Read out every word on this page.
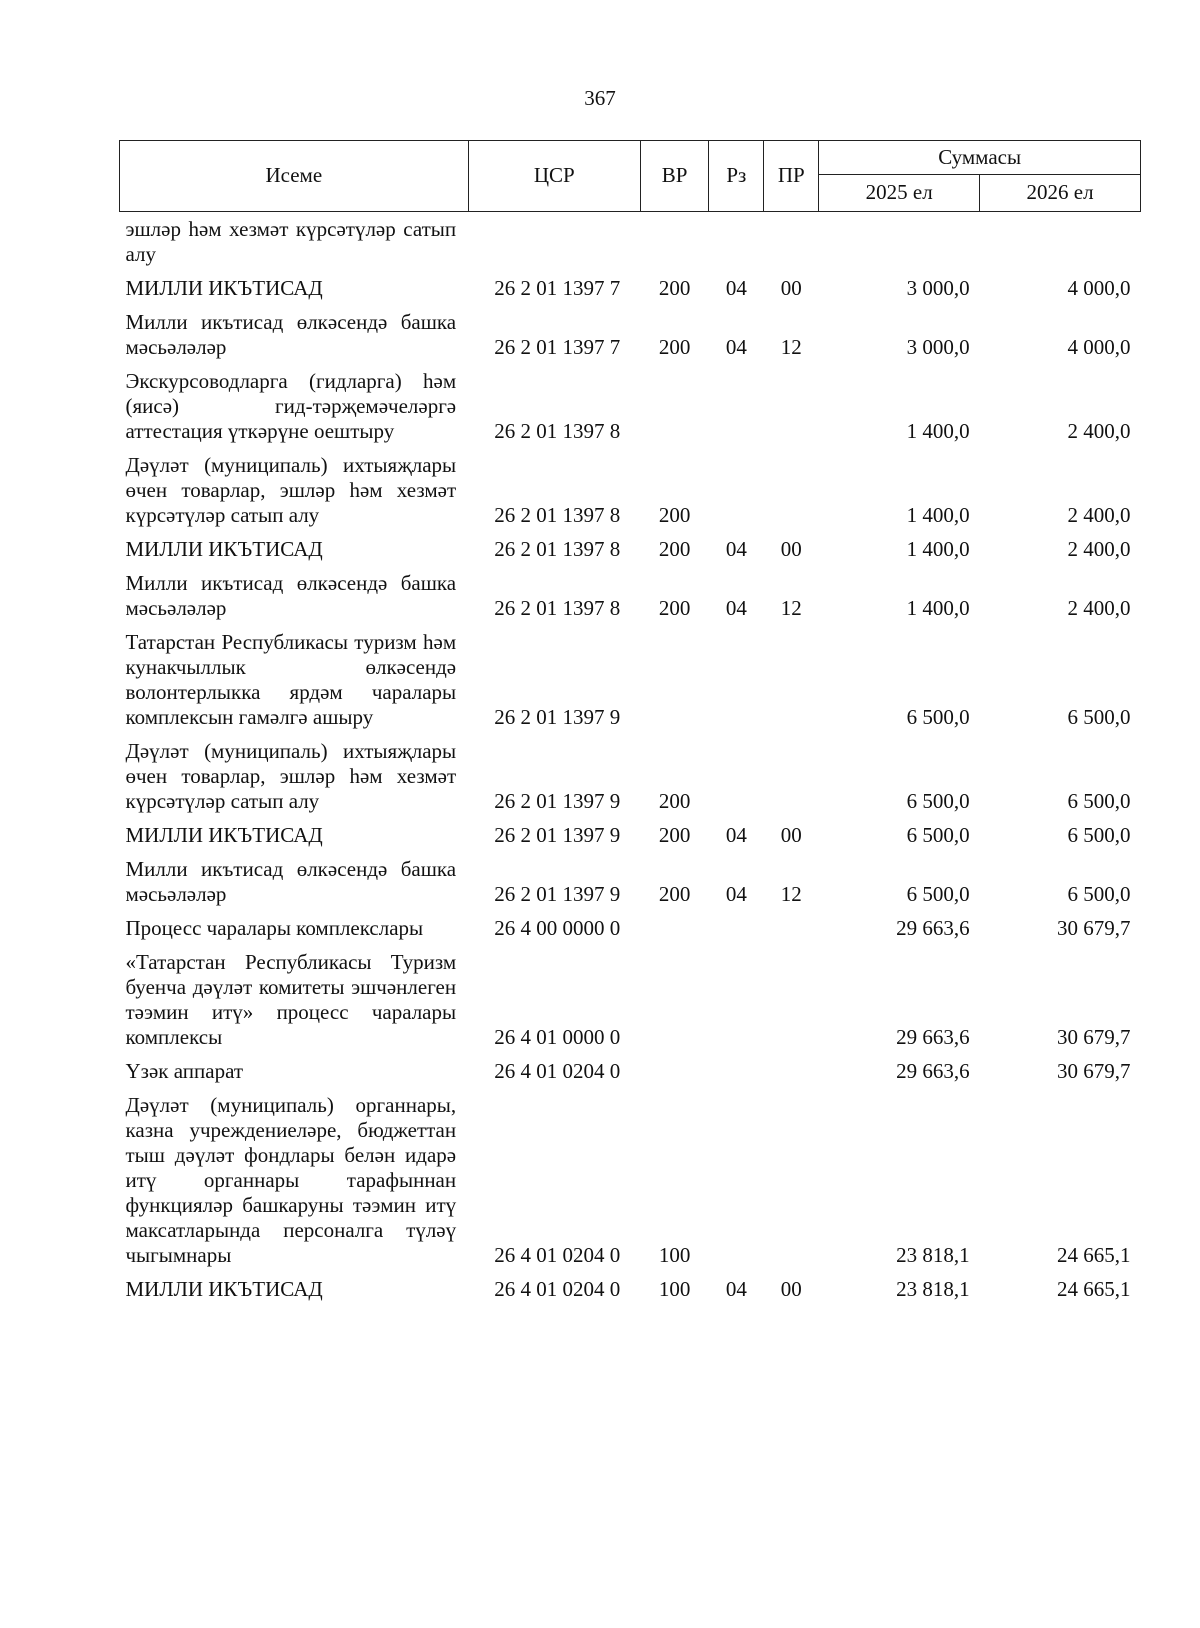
367
Исеме	ЦСР	ВР	Рз	ПР	Суммасы	
					2025 ел	2026 ел
эшләр һәм хезмәт күрсәтүләр сатып алу						
МИЛЛИ ИКЪТИСАД	26 2 01 1397 7	200	04	00	3 000,0	4 000,0
Милли икътисад өлкәсендә башка мәсьәләләр	26 2 01 1397 7	200	04	12	3 000,0	4 000,0
Экскурсоводларга (гидларга) һәм (яисә) гид-тәрҗемәчеләргә аттестация үткәрүне оештыру	26 2 01 1397 8				1 400,0	2 400,0
Дәүләт (муниципаль) ихтыяҗлары өчен товарлар, эшләр һәм хезмәт күрсәтүләр сатып алу	26 2 01 1397 8	200			1 400,0	2 400,0
МИЛЛИ ИКЪТИСАД	26 2 01 1397 8	200	04	00	1 400,0	2 400,0
Милли икътисад өлкәсендә башка мәсьәләләр	26 2 01 1397 8	200	04	12	1 400,0	2 400,0
Татарстан Республикасы туризм һәм кунакчыллык өлкәсендә волонтерлыкка ярдәм чаралары комплексын гамәлгә ашыру	26 2 01 1397 9				6 500,0	6 500,0
Дәүләт (муниципаль) ихтыяҗлары өчен товарлар, эшләр һәм хезмәт күрсәтүләр сатып алу	26 2 01 1397 9	200			6 500,0	6 500,0
МИЛЛИ ИКЪТИСАД	26 2 01 1397 9	200	04	00	6 500,0	6 500,0
Милли икътисад өлкәсендә башка мәсьәләләр	26 2 01 1397 9	200	04	12	6 500,0	6 500,0
Процесс чаралары комплекслары	26 4 00 0000 0				29 663,6	30 679,7
«Татарстан Республикасы Туризм буенча дәүләт комитеты эшчәнлеген тәэмин итү» процесс чаралары комплексы	26 4 01 0000 0				29 663,6	30 679,7
Үзәк аппарат	26 4 01 0204 0				29 663,6	30 679,7
Дәүләт (муниципаль) органнары, казна учреждениеләре, бюджеттан тыш дәүләт фондлары белән идарә итү органнары тарафыннан функцияләр башкаруны тәэмин итү максатларында персоналга түләү чыгымнары	26 4 01 0204 0	100			23 818,1	24 665,1
МИЛЛИ ИКЪТИСАД	26 4 01 0204 0	100	04	00	23 818,1	24 665,1
